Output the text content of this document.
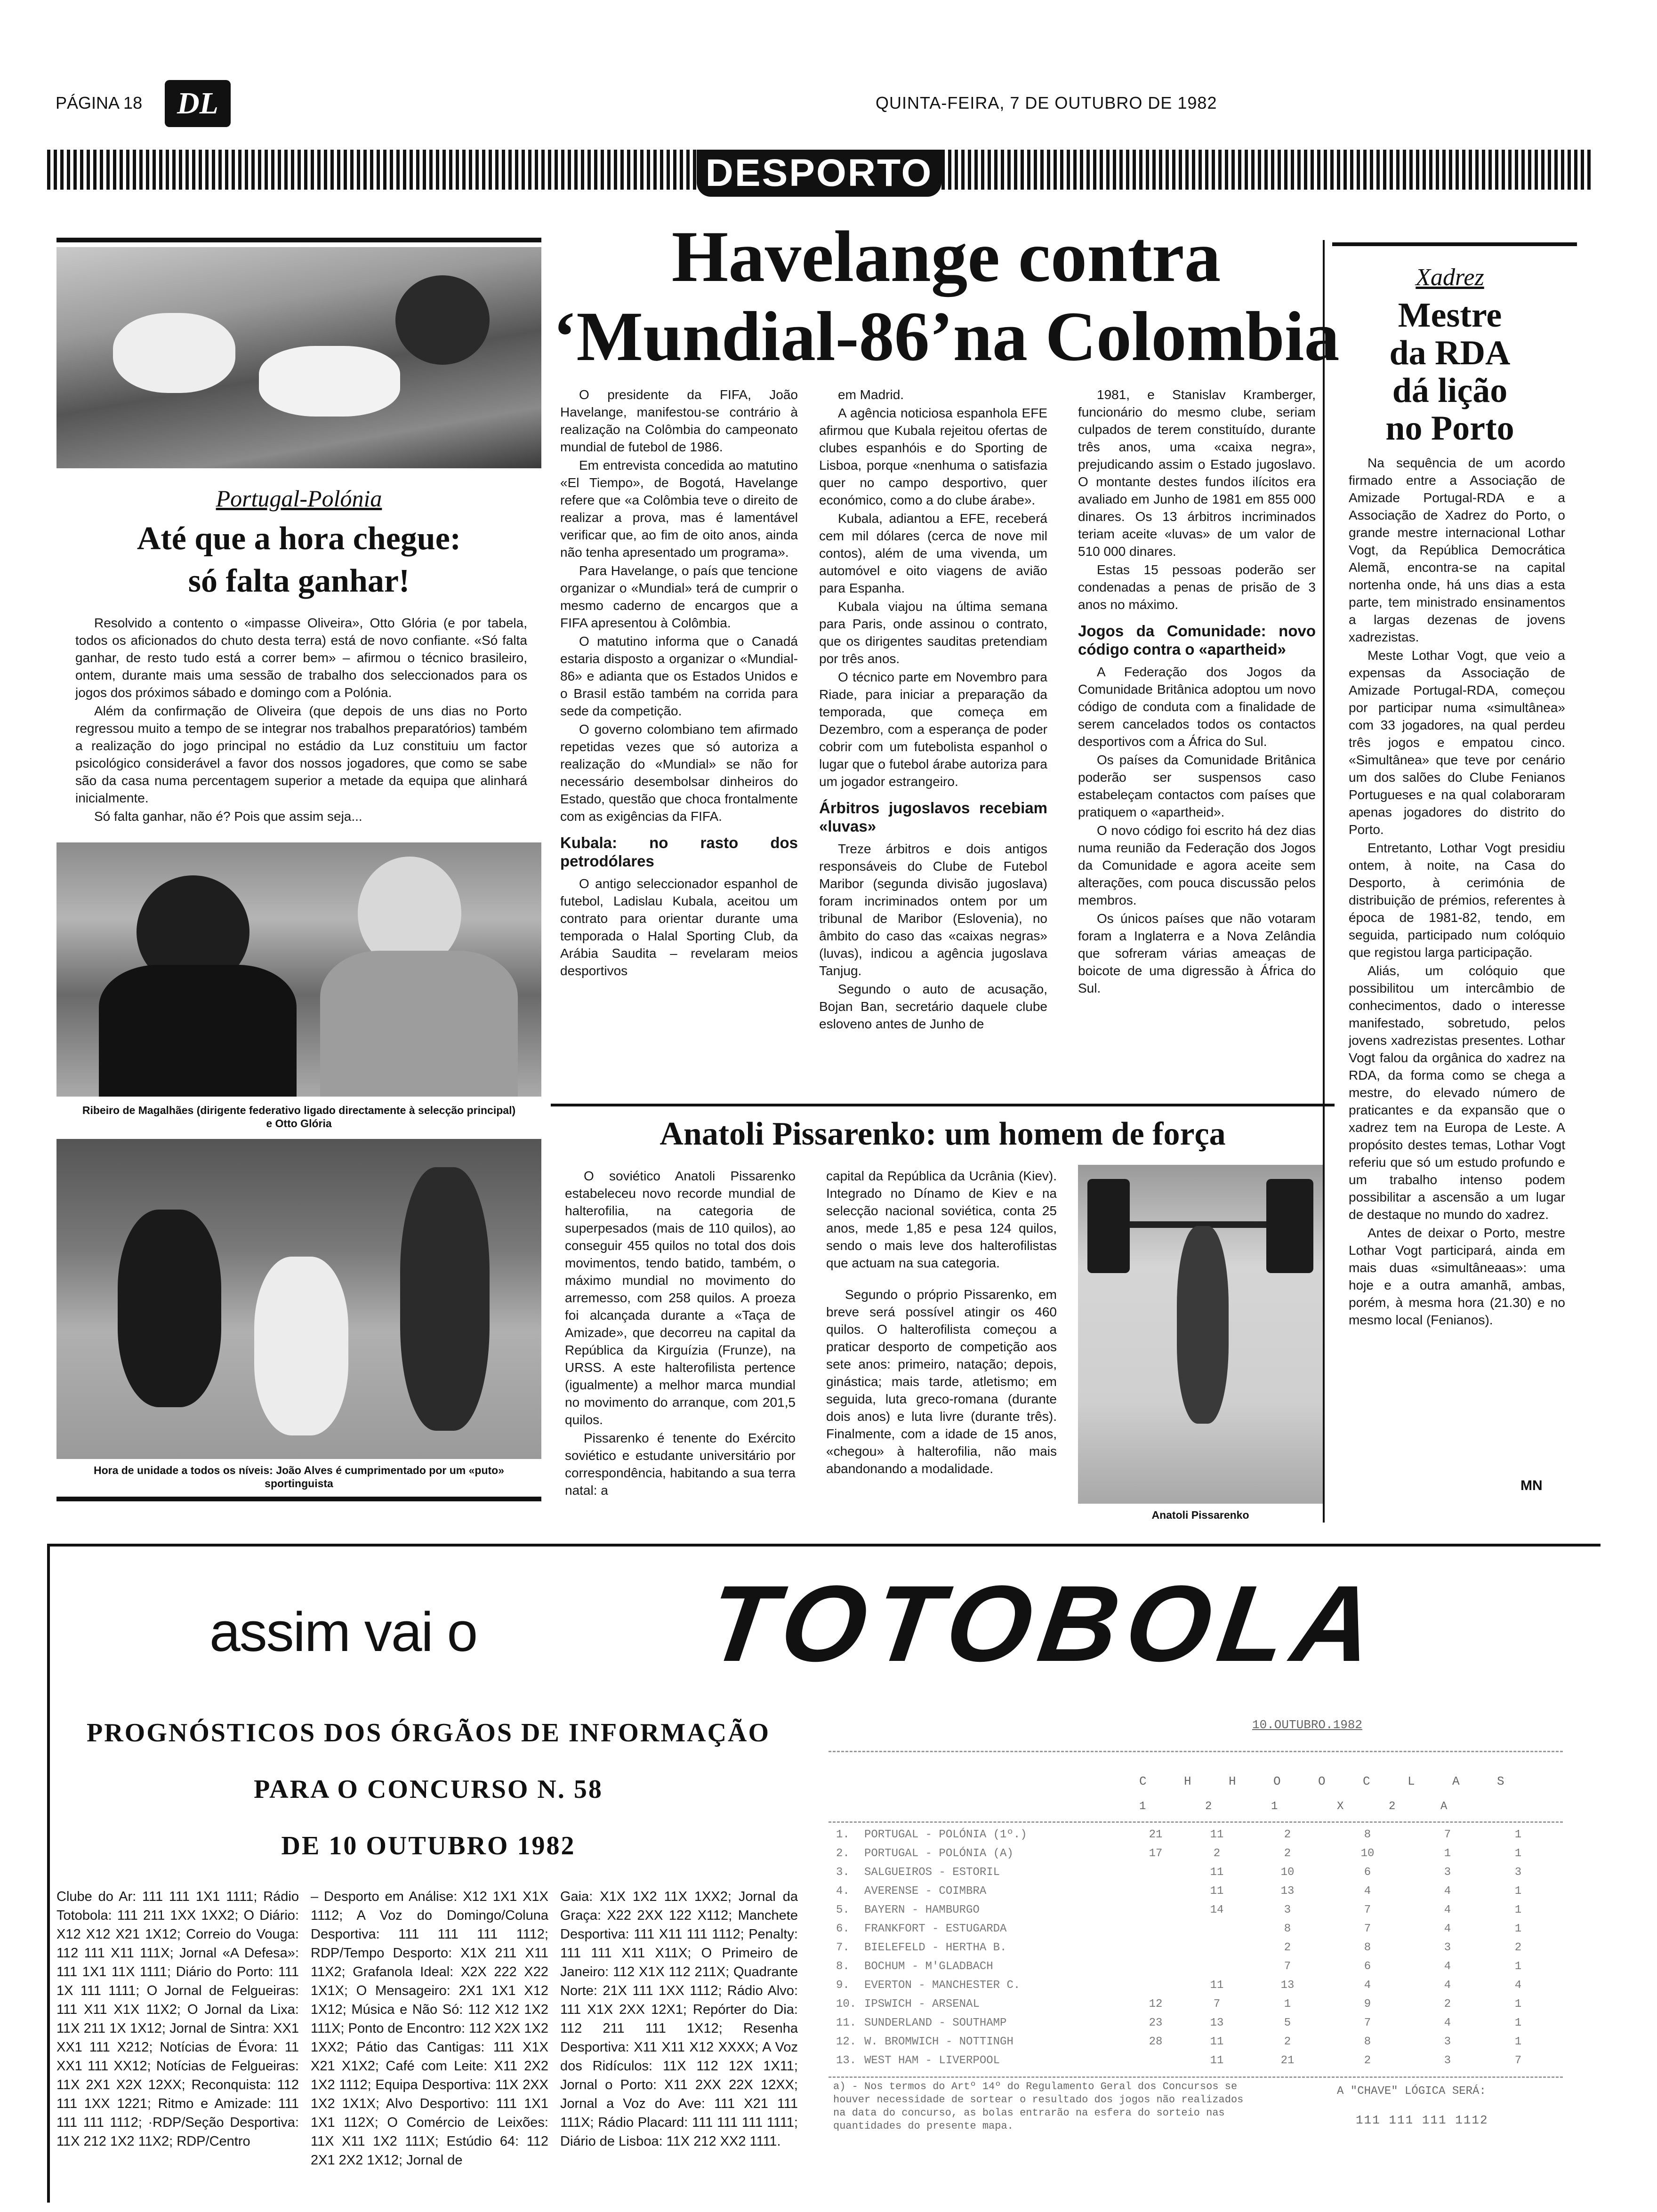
PÁGINA 18	DL	QUINTA-FEIRA, 7 DE OUTUBRO DE 1982
DESPORTO
Portugal-Polónia
Até que a hora chegue:
só falta ganhar!

Resolvido a contento o «impasse Oliveira», Otto Glória (e por tabela, todos os aficionados do chuto desta terra) está de novo confiante. «Só falta ganhar, de resto tudo está a correr bem» – afirmou o técnico brasileiro, ontem, durante mais uma sessão de trabalho dos seleccionados para os jogos dos próximos sábado e domingo com a Polónia.

Além da confirmação de Oliveira (que depois de uns dias no Porto regressou muito a tempo de se integrar nos trabalhos preparatórios) também a realização do jogo principal no estádio da Luz constituiu um factor psicológico considerável a favor dos nossos jogadores, que como se sabe são da casa numa percentagem superior a metade da equipa que alinhará inicialmente.

Só falta ganhar, não é? Pois que assim seja...

Ribeiro de Magalhães (dirigente federativo ligado directamente à selecção principal) e Otto Glória
Hora de unidade a todos os níveis: João Alves é cumprimentado por um «puto» sportinguista
Havelange contra
‘Mundial-86’na Colombia

O presidente da FIFA, João Havelange, manifestou-se contrário à realização na Colômbia do campeonato mundial de futebol de 1986.

Em entrevista concedida ao matutino «El Tiempo», de Bogotá, Havelange refere que «a Colômbia teve o direito de realizar a prova, mas é lamentável verificar que, ao fim de oito anos, ainda não tenha apresentado um programa».

Para Havelange, o país que tencione organizar o «Mundial» terá de cumprir o mesmo caderno de encargos que a FIFA apresentou à Colômbia.

O matutino informa que o Canadá estaria disposto a organizar o «Mundial-86» e adianta que os Estados Unidos e o Brasil estão também na corrida para sede da competição.

O governo colombiano tem afirmado repetidas vezes que só autoriza a realização do «Mundial» se não for necessário desembolsar dinheiros do Estado, questão que choca frontalmente com as exigências da FIFA.

Kubala: no rasto dos petrodólares

O antigo seleccionador espanhol de futebol, Ladislau Kubala, aceitou um contrato para orientar durante uma temporada o Halal Sporting Club, da Arábia Saudita – revelaram meios desportivos

em Madrid.

A agência noticiosa espanhola EFE afirmou que Kubala rejeitou ofertas de clubes espanhóis e do Sporting de Lisboa, porque «nenhuma o satisfazia quer no campo desportivo, quer económico, como a do clube árabe».

Kubala, adiantou a EFE, receberá cem mil dólares (cerca de nove mil contos), além de uma vivenda, um automóvel e oito viagens de avião para Espanha.

Kubala viajou na última semana para Paris, onde assinou o contrato, que os dirigentes sauditas pretendiam por três anos.

O técnico parte em Novembro para Riade, para iniciar a preparação da temporada, que começa em Dezembro, com a esperança de poder cobrir com um futebolista espanhol o lugar que o futebol árabe autoriza para um jogador estrangeiro.

Árbitros jugoslavos recebiam «luvas»

Treze árbitros e dois antigos responsáveis do Clube de Futebol Maribor (segunda divisão jugoslava) foram incriminados ontem por um tribunal de Maribor (Eslovenia), no âmbito do caso das «caixas negras» (luvas), indicou a agência jugoslava Tanjug.

Segundo o auto de acusação, Bojan Ban, secretário daquele clube esloveno antes de Junho de

1981, e Stanislav Kramberger, funcionário do mesmo clube, seriam culpados de terem constituído, durante três anos, uma «caixa negra», prejudicando assim o Estado jugoslavo. O montante destes fundos ilícitos era avaliado em Junho de 1981 em 855 000 dinares. Os 13 árbitros incriminados teriam aceite «luvas» de um valor de 510 000 dinares.

Estas 15 pessoas poderão ser condenadas a penas de prisão de 3 anos no máximo.

Jogos da Comunidade: novo código contra o «apartheid»

A Federação dos Jogos da Comunidade Britânica adoptou um novo código de conduta com a finalidade de serem cancelados todos os contactos desportivos com a África do Sul.

Os países da Comunidade Britânica poderão ser suspensos caso estabeleçam contactos com países que pratiquem o «apartheid».

O novo código foi escrito há dez dias numa reunião da Federação dos Jogos da Comunidade e agora aceite sem alterações, com pouca discussão pelos membros.

Os únicos países que não votaram foram a Inglaterra e a Nova Zelândia que sofreram várias ameaças de boicote de uma digressão à África do Sul.

Anatoli Pissarenko: um homem de força

O soviético Anatoli Pissarenko estabeleceu novo recorde mundial de halterofilia, na categoria de superpesados (mais de 110 quilos), ao conseguir 455 quilos no total dos dois movimentos, tendo batido, também, o máximo mundial no movimento do arremesso, com 258 quilos. A proeza foi alcançada durante a «Taça de Amizade», que decorreu na capital da República da Kirguízia (Frunze), na URSS. A este halterofilista pertence (igualmente) a melhor marca mundial no movimento do arranque, com 201,5 quilos.

Pissarenko é tenente do Exército soviético e estudante universitário por correspondência, habitando a sua terra natal: a

capital da República da Ucrânia (Kiev). Integrado no Dínamo de Kiev e na selecção nacional soviética, conta 25 anos, mede 1,85 e pesa 124 quilos, sendo o mais leve dos halterofilistas que actuam na sua categoria.

Segundo o próprio Pissarenko, em breve será possível atingir os 460 quilos. O halterofilista começou a praticar desporto de competição aos sete anos: primeiro, natação; depois, ginástica; mais tarde, atletismo; em seguida, luta greco-romana (durante dois anos) e luta livre (durante três). Finalmente, com a idade de 15 anos, «chegou» à halterofilia, não mais abandonando a modalidade.

Anatoli Pissarenko
Xadrez
Mestre
da RDA
dá lição
no Porto

Na sequência de um acordo firmado entre a Associação de Amizade Portugal-RDA e a Associação de Xadrez do Porto, o grande mestre internacional Lothar Vogt, da República Democrática Alemã, encontra-se na capital nortenha onde, há uns dias a esta parte, tem ministrado ensinamentos a largas dezenas de jovens xadrezistas.

Meste Lothar Vogt, que veio a expensas da Associação de Amizade Portugal-RDA, começou por participar numa «simultânea» com 33 jogadores, na qual perdeu três jogos e empatou cinco. «Simultânea» que teve por cenário um dos salões do Clube Fenianos Portugueses e na qual colaboraram apenas jogadores do distrito do Porto.

Entretanto, Lothar Vogt presidiu ontem, à noite, na Casa do Desporto, à cerimónia de distribuição de prémios, referentes à época de 1981-82, tendo, em seguida, participado num colóquio que registou larga participação.

Aliás, um colóquio que possibilitou um intercâmbio de conhecimentos, dado o interesse manifestado, sobretudo, pelos jovens xadrezistas presentes. Lothar Vogt falou da orgânica do xadrez na RDA, da forma como se chega a mestre, do elevado número de praticantes e da expansão que o xadrez tem na Europa de Leste. A propósito destes temas, Lothar Vogt referiu que só um estudo profundo e um trabalho intenso podem possibilitar a ascensão a um lugar de destaque no mundo do xadrez.

Antes de deixar o Porto, mestre Lothar Vogt participará, ainda em mais duas «simultâneaas»: uma hoje e a outra amanhã, ambas, porém, à mesma hora (21.30) e no mesmo local (Fenianos).

MN
assim vai o	TOTOBOLA
PROGNÓSTICOS DOS ÓRGÃOS DE INFORMAÇÃO
PARA O CONCURSO N. 58
DE 10 OUTUBRO 1982
Clube do Ar: 111 111 1X1 1111; Rádio Totobola: 111 211 1XX 1XX2; O Diário: X12 X12 X21 1X12; Correio do Vouga: 112 111 X11 111X; Jornal «A Defesa»: 111 1X1 11X 1111; Diário do Porto: 111 1X 111 1111; O Jornal de Felgueiras: 111 X11 X1X 11X2; O Jornal da Lixa: 11X 211 1X 1X12; Jornal de Sintra: XX1 XX1 111 X212; Notícias de Évora: 11 XX1 111 XX12; Notícias de Felgueiras: 11X 2X1 X2X 12XX; Reconquista: 112 111 1XX 1221; Ritmo e Amizade: 111 111 111 1112; ·RDP/Seção Desportiva: 11X 212 1X2 11X2; RDP/Centro
– Desporto em Análise: X12 1X1 X1X 1112; A Voz do Domingo/Coluna Desportiva: 111 111 111 1112; RDP/Tempo Desporto: X1X 211 X11 11X2; Grafanola Ideal: X2X 222 X22 1X1X; O Mensageiro: 2X1 1X1 X12 1X12; Música e Não Só: 112 X12 1X2 111X; Ponto de Encontro: 112 X2X 1X2 1XX2; Pátio das Cantigas: 111 X1X X21 X1X2; Café com Leite: X11 2X2 1X2 1112; Equipa Desportiva: 11X 2XX 1X2 1X1X; Alvo Desportivo: 111 1X1 1X1 112X; O Comércio de Leixões: 11X X11 1X2 111X; Estúdio 64: 112 2X1 2X2 1X12; Jornal de
Gaia: X1X 1X2 11X 1XX2; Jornal da Graça: X22 2XX 122 X112; Manchete Desportiva: 111 X11 111 1112; Penalty: 111 111 X11 X11X; O Primeiro de Janeiro: 112 X1X 112 211X; Quadrante Norte: 21X 111 1XX 1112; Rádio Alvo: 111 X1X 2XX 12X1; Repórter do Dia: 112 211 111 1X12; Resenha Desportiva: X11 X11 X12 XXXX; A Voz dos Ridículos: 11X 112 12X 1X11; Jornal o Porto: X11 2XX 22X 12XX; Jornal a Voz do Ave: 111 X21 111 111X; Rádio Placard: 111 111 111 1111; Diário de Lisboa: 11X 212 XX2 1111.
10.OUTUBRO.1982
C	H	H	O	O	C	L	A	S
1	2	1	X	2	A
1.	PORTUGAL - POLÓNIA (1º.)	21	11	2	8	7	1
2.	PORTUGAL - POLÓNIA (A)	17	2	2	10	1	1
3.	SALGUEIROS - ESTORIL		11	10	6	3	3
4.	AVERENSE - COIMBRA		11	13	4	4	1
5.	BAYERN - HAMBURGO		14	3	7	4	1
6.	FRANKFORT - ESTUGARDA			8	7	4	1
7.	BIELEFELD - HERTHA B.			2	8	3	2
8.	BOCHUM - M'GLADBACH			7	6	4	1
9.	EVERTON - MANCHESTER C.		11	13	4	4	4
10.	IPSWICH - ARSENAL	12	7	1	9	2	1
11.	SUNDERLAND - SOUTHAMP	23	13	5	7	4	1
12.	W. BROMWICH - NOTTINGH	28	11	2	8	3	1
13.	WEST HAM - LIVERPOOL		11	21	2	3	7
a) - Nos termos do Artº 14º do Regulamento Geral dos Concursos se houver necessidade de sortear o resultado dos jogos não realizados na data do concurso, as bolas entrarão na esfera do sorteio nas quantidades do presente mapa.
A "CHAVE" LÓGICA SERÁ:
111 111 111 1112
